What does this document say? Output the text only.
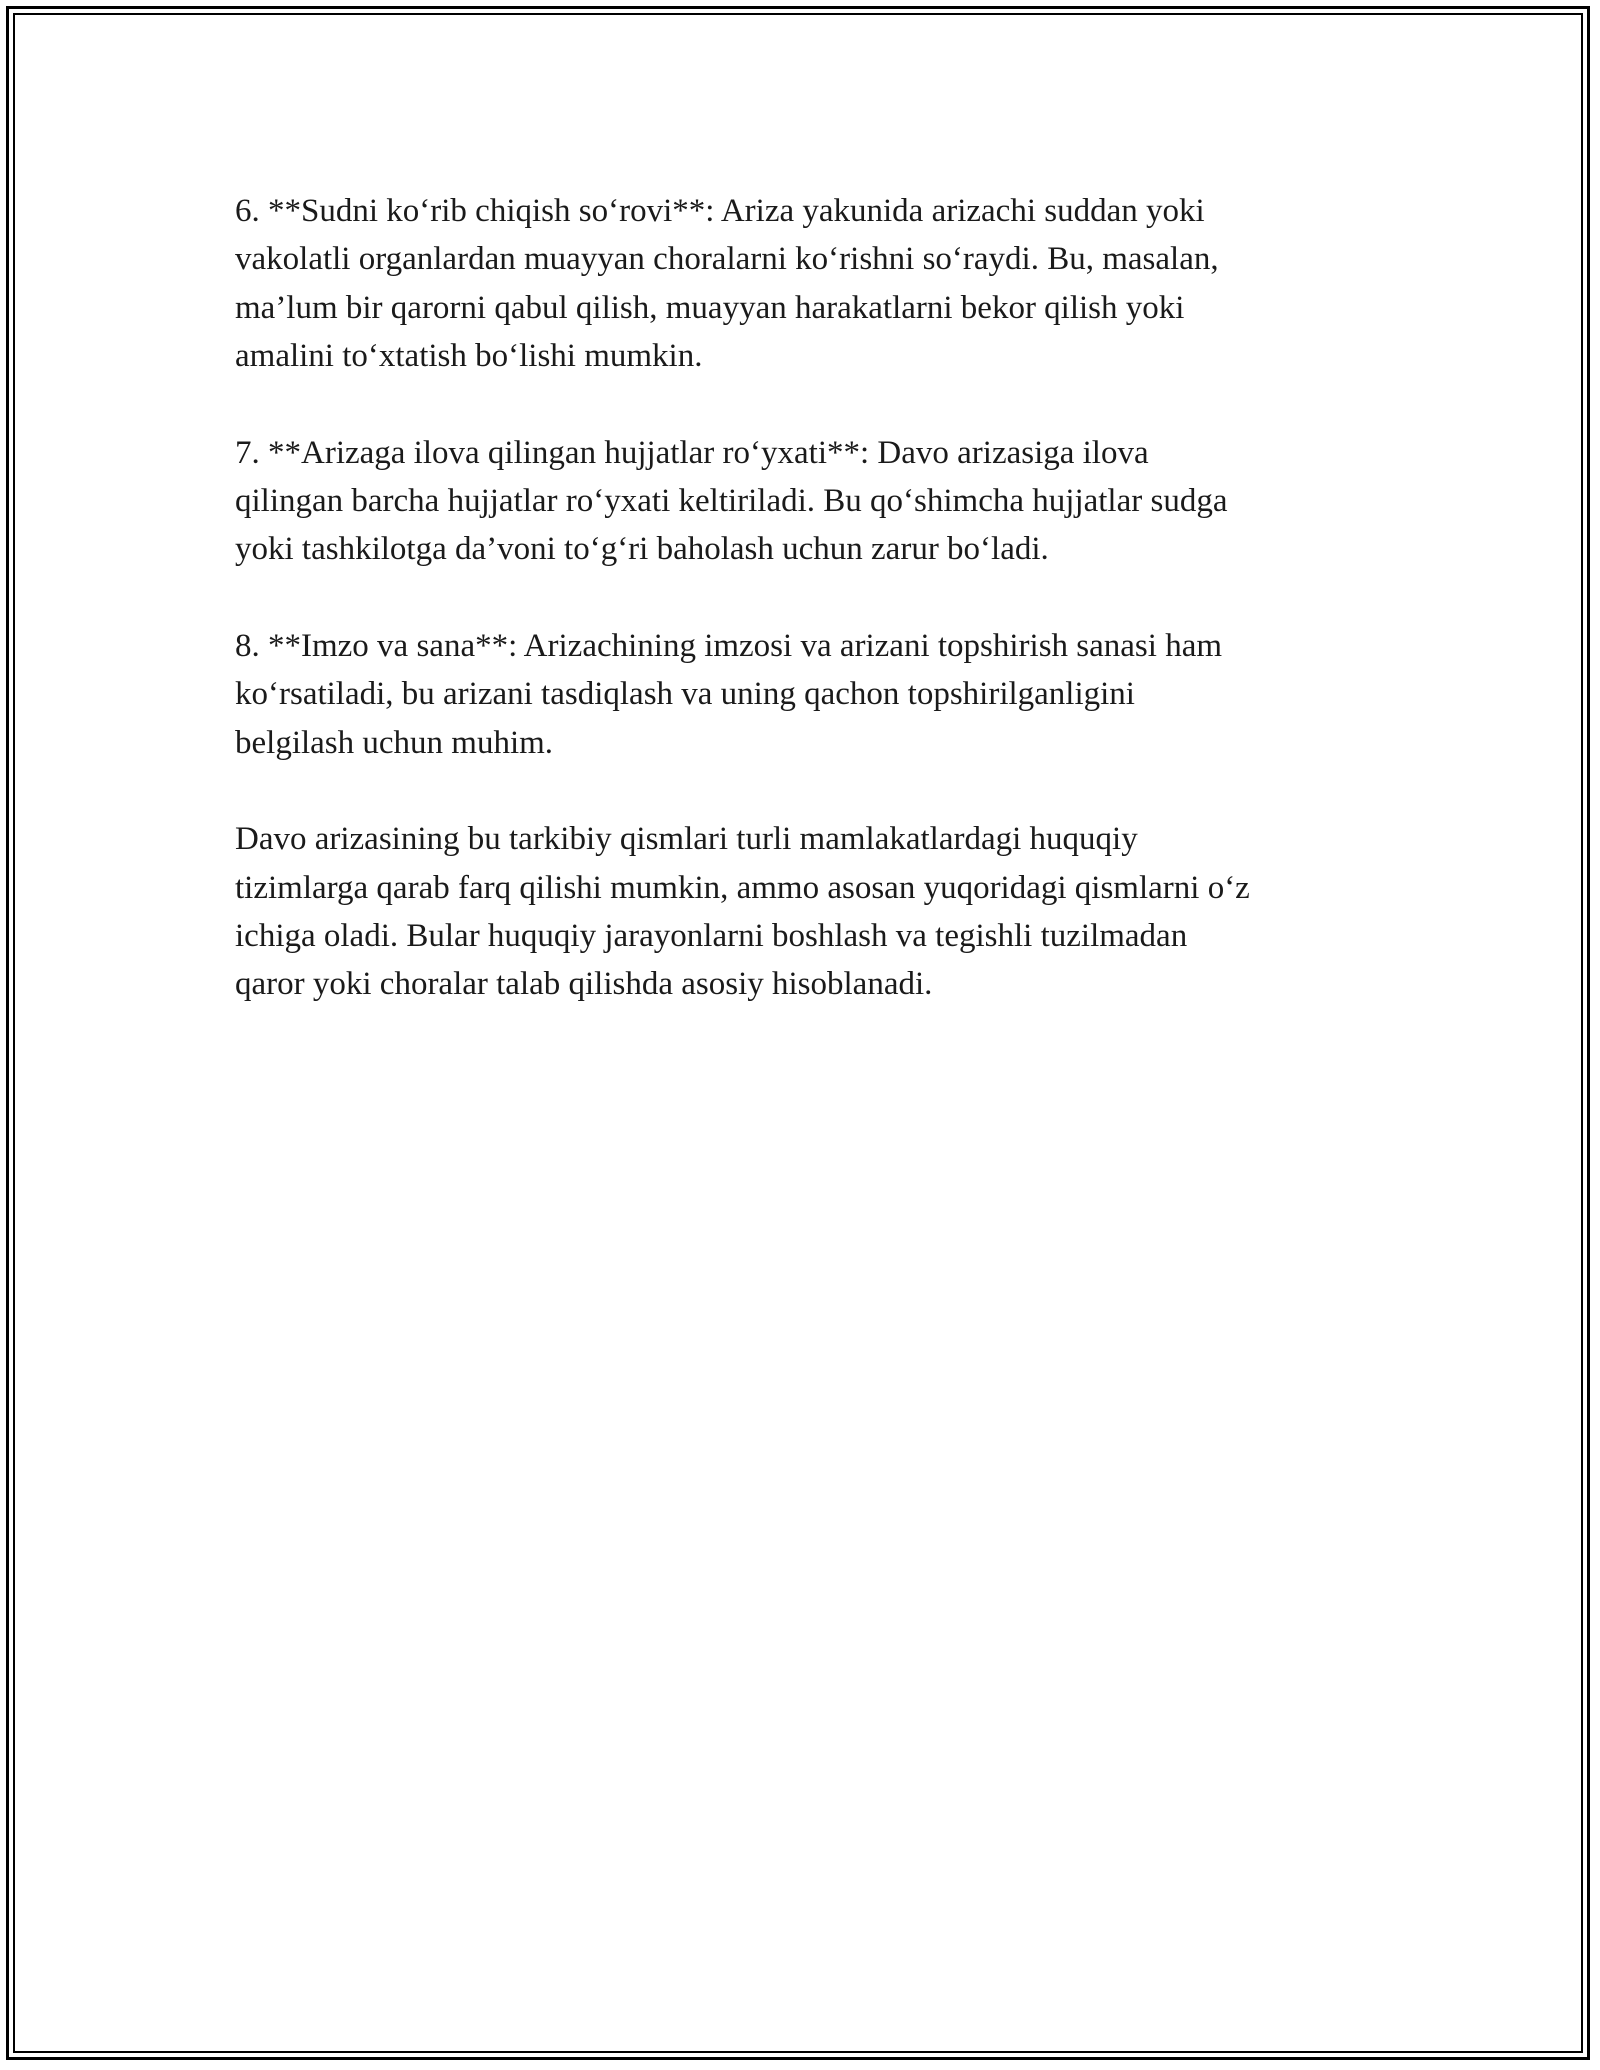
6. **Sudni ko‘rib chiqish so‘rovi**: Ariza yakunida arizachi suddan yoki
vakolatli organlardan muayyan choralarni ko‘rishni so‘raydi. Bu, masalan,
ma’lum bir qarorni qabul qilish, muayyan harakatlarni bekor qilish yoki
amalini to‘xtatish bo‘lishi mumkin.

7. **Arizaga ilova qilingan hujjatlar ro‘yxati**: Davo arizasiga ilova
qilingan barcha hujjatlar ro‘yxati keltiriladi. Bu qo‘shimcha hujjatlar sudga
yoki tashkilotga da’voni to‘g‘ri baholash uchun zarur bo‘ladi.

8. **Imzo va sana**: Arizachining imzosi va arizani topshirish sanasi ham
ko‘rsatiladi, bu arizani tasdiqlash va uning qachon topshirilganligini
belgilash uchun muhim.

Davo arizasining bu tarkibiy qismlari turli mamlakatlardagi huquqiy
tizimlarga qarab farq qilishi mumkin, ammo asosan yuqoridagi qismlarni o‘z
ichiga oladi. Bular huquqiy jarayonlarni boshlash va tegishli tuzilmadan
qaror yoki choralar talab qilishda asosiy hisoblanadi.
